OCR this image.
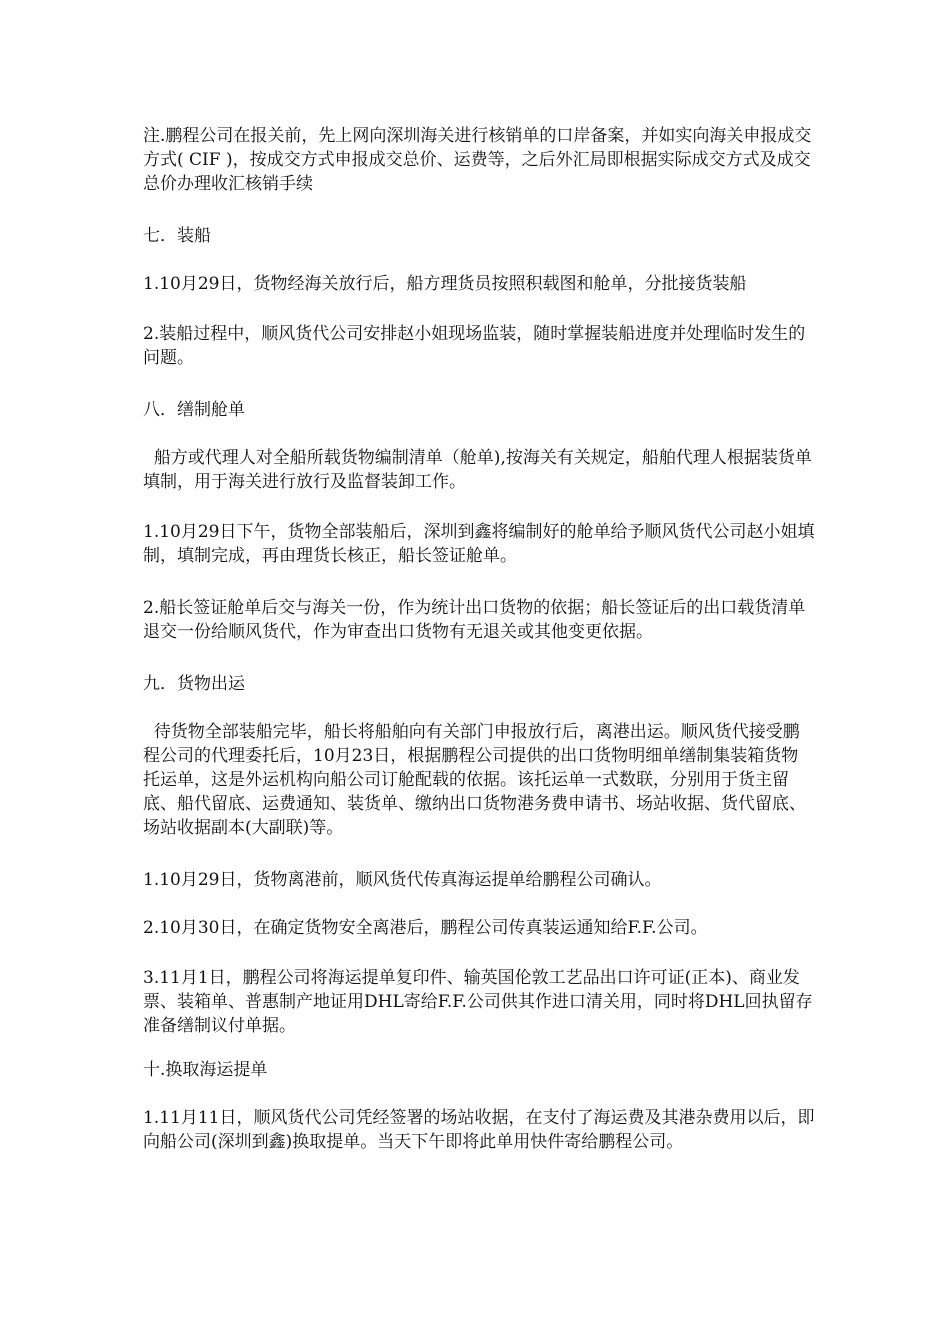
注.鹏程公司在报关前，先上网向深圳海关进行核销单的口岸备案，并如实向海关申报成交方式( CIF )，按成交方式申报成交总价、运费等，之后外汇局即根据实际成交方式及成交总价办理收汇核销手续

七．装船

1.10月29日，货物经海关放行后，船方理货员按照积载图和舱单，分批接货装船

2.装船过程中，顺风货代公司安排赵小姐现场监装，随时掌握装船进度并处理临时发生的问题。

八．缮制舱单

船方或代理人对全船所载货物编制清单（舱单),按海关有关规定，船舶代理人根据装货单填制，用于海关进行放行及监督装卸工作。

1.10月29日下午，货物全部装船后，深圳到鑫将编制好的舱单给予顺风货代公司赵小姐填制，填制完成，再由理货长核正，船长签证舱单。

2.船长签证舱单后交与海关一份，作为统计出口货物的依据；船长签证后的出口载货清单退交一份给顺风货代，作为审查出口货物有无退关或其他变更依据。

九．货物出运

待货物全部装船完毕，船长将船舶向有关部门申报放行后，离港出运。顺风货代接受鹏程公司的代理委托后，10月23日，根据鹏程公司提供的出口货物明细单缮制集装箱货物托运单，这是外运机构向船公司订舱配载的依据。该托运单一式数联，分别用于货主留底、船代留底、运费通知、装货单、缴纳出口货物港务费申请书、场站收据、货代留底、场站收据副本(大副联)等。

1.10月29日，货物离港前，顺风货代传真海运提单给鹏程公司确认。

2.10月30日，在确定货物安全离港后，鹏程公司传真装运通知给F.F.公司。

3.11月1日，鹏程公司将海运提单复印件、输英国伦敦工艺品出口许可证(正本)、商业发票、装箱单、普惠制产地证用DHL寄给F.F.公司供其作进口清关用，同时将DHL回执留存准备缮制议付单据。

十.换取海运提单

1.11月11日，顺风货代公司凭经签署的场站收据，在支付了海运费及其港杂费用以后，即向船公司(深圳到鑫)换取提单。当天下午即将此单用快件寄给鹏程公司。
